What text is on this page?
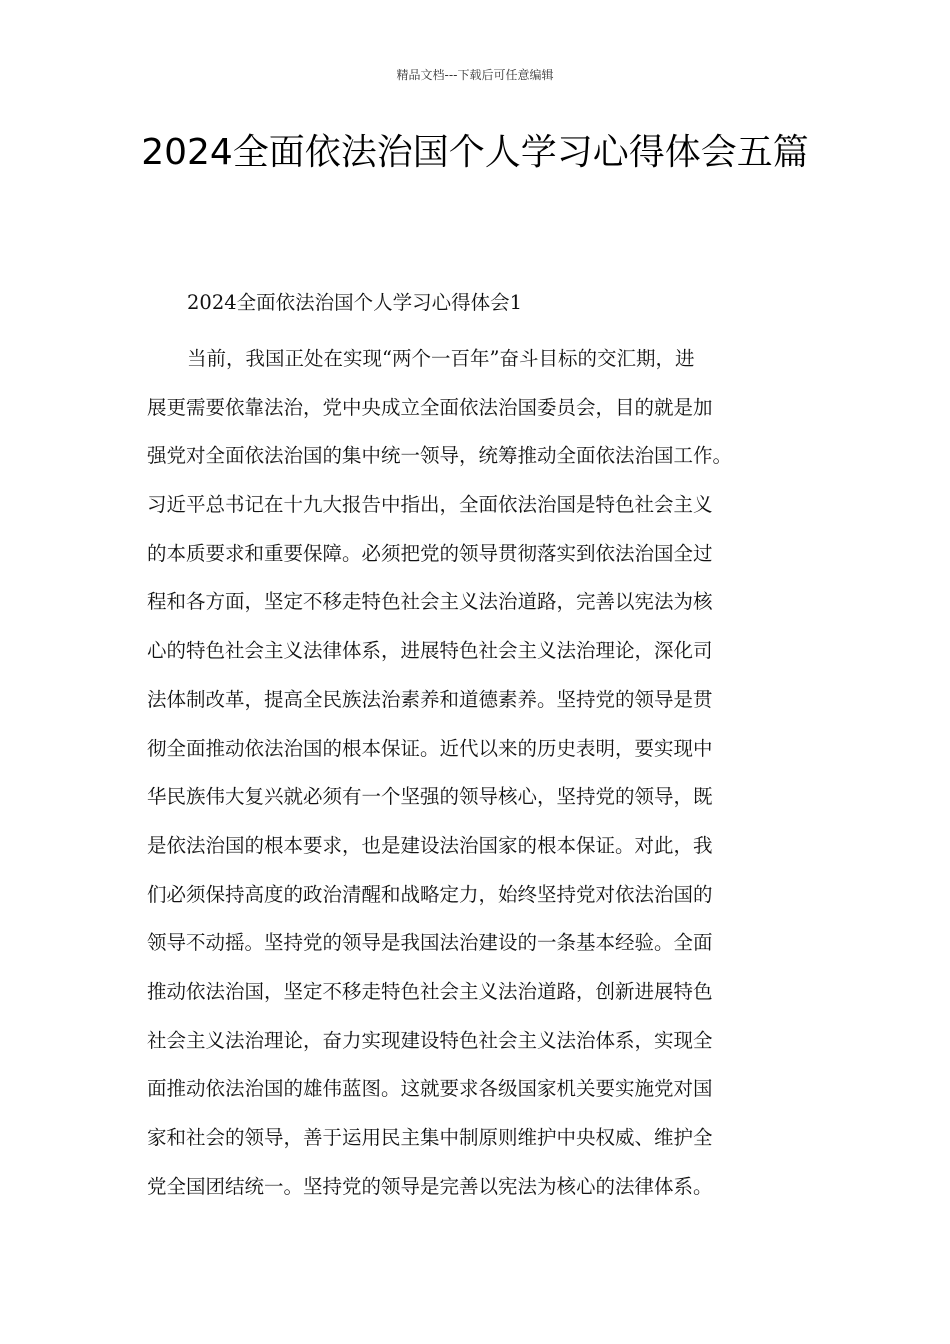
精品文档---下载后可任意编辑
2024全面依法治国个人学习心得体会五篇

2024全面依法治国个人学习心得体会1

当前，我国正处在实现“两个一百年”奋斗目标的交汇期，进
展更需要依靠法治，党中央成立全面依法治国委员会，目的就是加
强党对全面依法治国的集中统一领导，统筹推动全面依法治国工作。
习近平总书记在十九大报告中指出，全面依法治国是特色社会主义
的本质要求和重要保障。必须把党的领导贯彻落实到依法治国全过
程和各方面，坚定不移走特色社会主义法治道路，完善以宪法为核
心的特色社会主义法律体系，进展特色社会主义法治理论，深化司
法体制改革，提高全民族法治素养和道德素养。坚持党的领导是贯
彻全面推动依法治国的根本保证。近代以来的历史表明，要实现中
华民族伟大复兴就必须有一个坚强的领导核心，坚持党的领导，既
是依法治国的根本要求，也是建设法治国家的根本保证。对此，我
们必须保持高度的政治清醒和战略定力，始终坚持党对依法治国的
领导不动摇。坚持党的领导是我国法治建设的一条基本经验。全面
推动依法治国，坚定不移走特色社会主义法治道路，创新进展特色
社会主义法治理论，奋力实现建设特色社会主义法治体系，实现全
面推动依法治国的雄伟蓝图。这就要求各级国家机关要实施党对国
家和社会的领导，善于运用民主集中制原则维护中央权威、维护全
党全国团结统一。坚持党的领导是完善以宪法为核心的法律体系。
